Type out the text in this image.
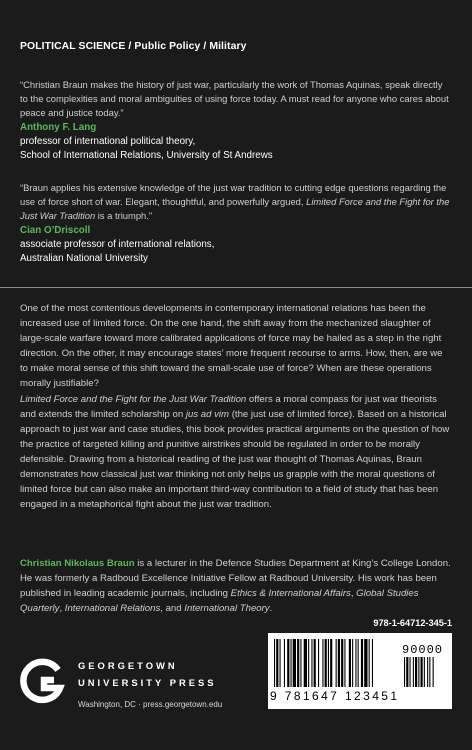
POLITICAL SCIENCE / Public Policy / Military
“Christian Braun makes the history of just war, particularly the work of Thomas Aquinas, speak directly to the complexities and moral ambiguities of using force today. A must read for anyone who cares about peace and justice today.”
Anthony F. Lang
professor of international political theory,
School of International Relations, University of St Andrews
“Braun applies his extensive knowledge of the just war tradition to cutting edge questions regarding the use of force short of war. Elegant, thoughtful, and powerfully argued, Limited Force and the Fight for the Just War Tradition is a triumph.”
Cian O’Driscoll
associate professor of international relations,
Australian National University
One of the most contentious developments in contemporary international relations has been the increased use of limited force. On the one hand, the shift away from the mechanized slaughter of large-scale warfare toward more calibrated applications of force may be hailed as a step in the right direction. On the other, it may encourage states’ more frequent recourse to arms. How, then, are we to make moral sense of this shift toward the small-scale use of force? When are these operations morally justifiable?
Limited Force and the Fight for the Just War Tradition offers a moral compass for just war theorists and extends the limited scholarship on jus ad vim (the just use of limited force). Based on a historical approach to just war and case studies, this book provides practical arguments on the question of how the practice of targeted killing and punitive airstrikes should be regulated in order to be morally defensible. Drawing from a historical reading of the just war thought of Thomas Aquinas, Braun demonstrates how classical just war thinking not only helps us grapple with the moral questions of limited force but can also make an important third-way contribution to a field of study that has been engaged in a metaphorical fight about the just war tradition.
Christian Nikolaus Braun is a lecturer in the Defence Studies Department at King’s College London. He was formerly a Radboud Excellence Initiative Fellow at Radboud University. His work has been published in leading academic journals, including Ethics & International Affairs, Global Studies Quarterly, International Relations, and International Theory.
978-1-64712-345-1
90000
9 781647 123451
GEORGETOWN
UNIVERSITY PRESS
Washington, DC · press.georgetown.edu
